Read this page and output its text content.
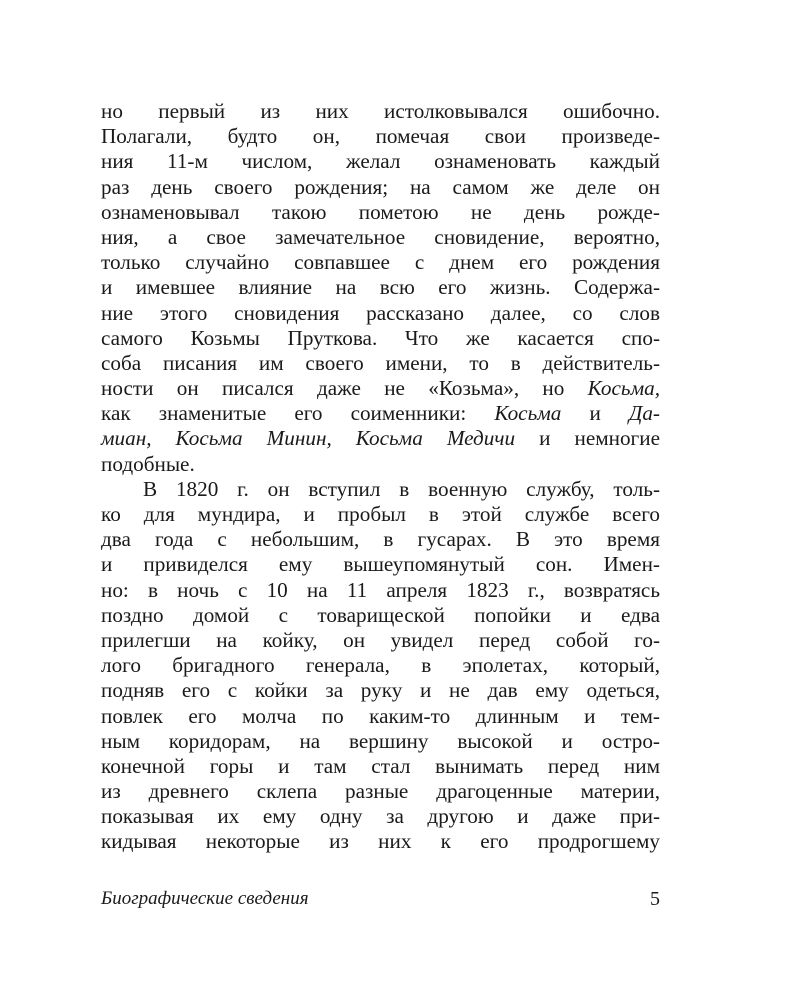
но первый из них истолковывался ошибочно.
Полагали, будто он, помечая свои произведе-
ния 11-м числом, желал ознаменовать каждый
раз день своего рождения; на самом же деле он
ознаменовывал такою пометою не день рожде-
ния, а свое замечательное сновидение, вероятно,
только случайно совпавшее с днем его рождения
и имевшее влияние на всю его жизнь. Содержа-
ние этого сновидения рассказано далее, со слов
самого Козьмы Пруткова. Что же касается спо-
соба писания им своего имени, то в действитель-
ности он писался даже не «Козьма», но Косьма,
как знаменитые его соименники: Косьма и Да-
миан, Косьма Минин, Косьма Медичи и немногие
подобные.
В 1820 г. он вступил в военную службу, толь-
ко для мундира, и пробыл в этой службе всего
два года с небольшим, в гусарах. В это время
и привиделся ему вышеупомянутый сон. Имен-
но: в ночь с 10 на 11 апреля 1823 г., возвратясь
поздно домой с товарищеской попойки и едва
прилегши на койку, он увидел перед собой го-
лого бригадного генерала, в эполетах, который,
подняв его с койки за руку и не дав ему одеться,
повлек его молча по каким-то длинным и тем-
ным коридорам, на вершину высокой и остро-
конечной горы и там стал вынимать перед ним
из древнего склепа разные драгоценные материи,
показывая их ему одну за другою и даже при-
кидывая некоторые из них к его продрогшему
Биографические сведения	5
